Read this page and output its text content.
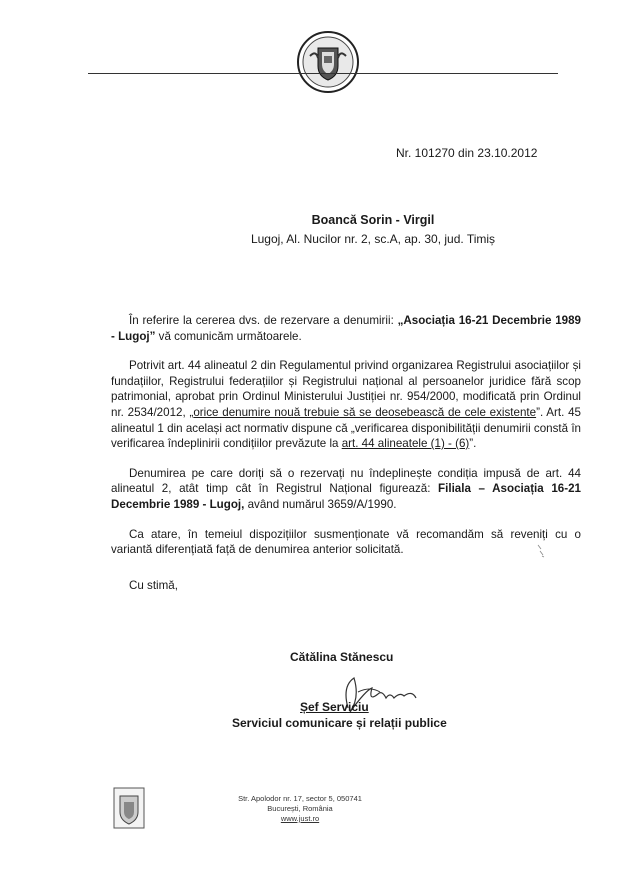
Nr. 101270 din 23.10.2012
Boancă Sorin - Virgil
Lugoj, Al. Nucilor nr. 2, sc.A, ap. 30, jud. Timiș

În referire la cererea dvs. de rezervare a denumirii: „Asociația 16-21 Decembrie 1989 - Lugoj” vă comunicăm următoarele.

Potrivit art. 44 alineatul 2 din Regulamentul privind organizarea Registrului asociațiilor și fundațiilor, Registrului federațiilor și Registrului național al persoanelor juridice fără scop patrimonial, aprobat prin Ordinul Ministerului Justiției nr. 954/2000, modificată prin Ordinul nr. 2534/2012, „orice denumire nouă trebuie să se deosebească de cele existente”. Art. 45 alineatul 1 din același act normativ dispune că „verificarea disponibilității denumirii constă în verificarea îndeplinirii condițiilor prevăzute la art. 44 alineatele (1) - (6)”.

Denumirea pe care doriți să o rezervați nu îndeplinește condiția impusă de art. 44 alineatul 2, atât timp cât în Registrul Național figurează: Filiala – Asociația 16-21 Decembrie 1989 - Lugoj, având numărul 3659/A/1990.

Ca atare, în temeiul dispozițiilor susmenționate vă recomandăm să reveniți cu o variantă diferențiată față de denumirea anterior solicitată.

Cu stimă,

Cătălina Stănescu
Șef Serviciu
Serviciul comunicare și relații publice
Str. Apolodor nr. 17, sector 5, 050741
București, România
www.just.ro
